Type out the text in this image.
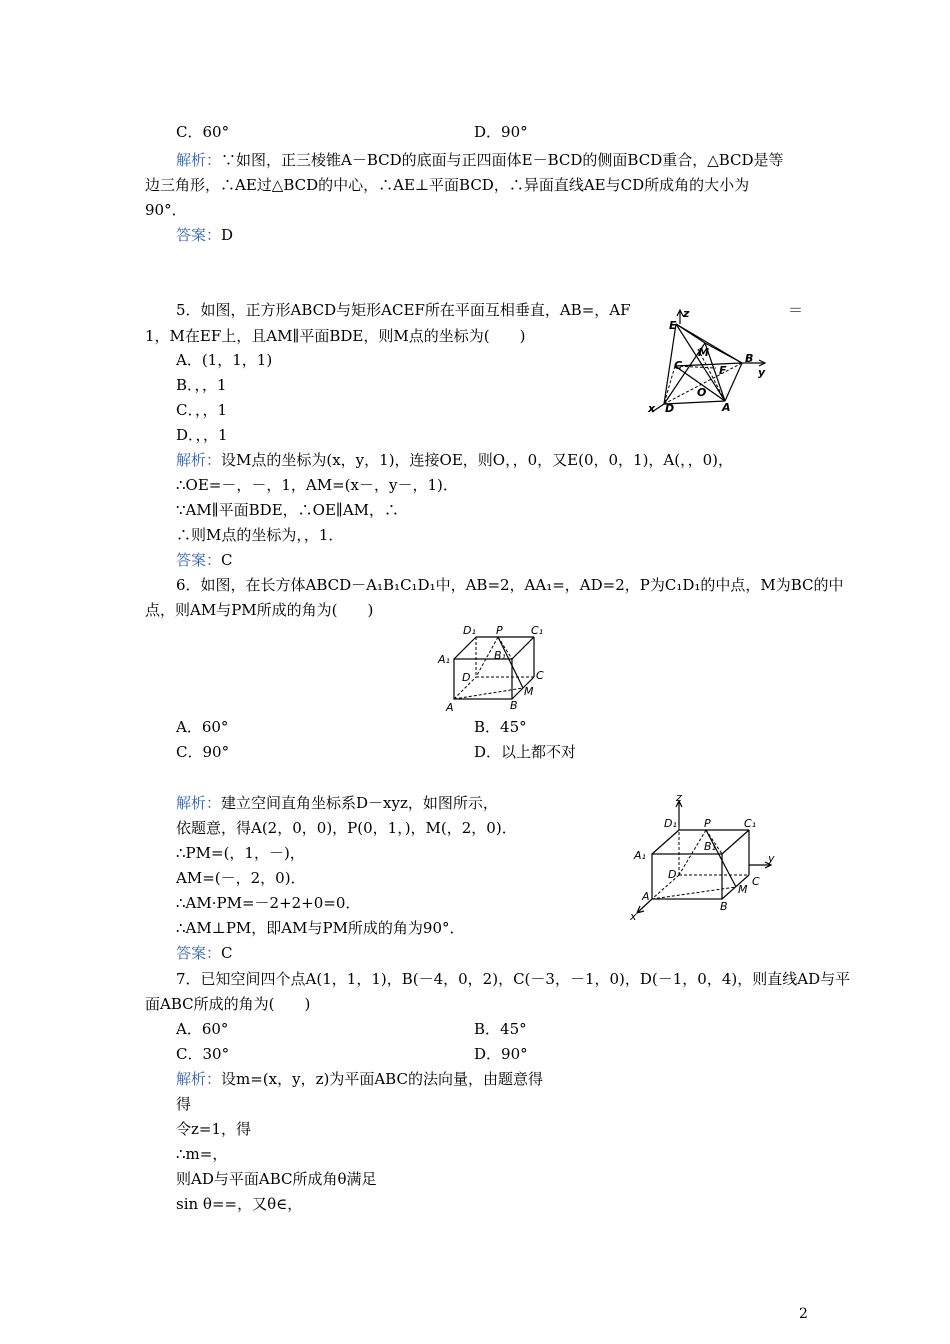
C．60°	D．90°
解析：∵如图，正三棱锥A－BCD的底面与正四面体E－BCD的侧面BCD重合，△BCD是等
边三角形，∴AE过△BCD的中心，∴AE⊥平面BCD，∴异面直线AE与CD所成角的大小为
90°．
答案：D
5．如图，正方形ABCD与矩形ACEF所在平面互相垂直，AB=，AF	＝
1，M在EF上，且AM∥平面BDE，则M点的坐标为(　　)
A．(1，1，1)
B．，，1
C．，，1
D．，，1
解析：设M点的坐标为(x，y，1)，连接OE，则O，，0，又E(0，0，1)，A(，，0)，
∴OE=－，－，1，AM=(x－，y－，1)．
∵AM∥平面BDE，∴OE∥AM，∴
∴则M点的坐标为，，1．
答案：C
z
E
M
C	F
B
y
O
x D	A
6．如图，在长方体ABCD－A₁B₁C₁D₁中，AB=2，AA₁=，AD=2，P为C₁D₁的中点，M为BC的中
点，则AM与PM所成的角为(　　)
D₁ P	C₁
A₁	B₁
D	C
M
A	B
A．60°	B．45°
C．90°	D．以上都不对
解析：建立空间直角坐标系D－xyz，如图所示，
依题意，得A(2，0，0)，P(0，1，)，M(，2，0)．
∴PM=(，1，－)，
AM=(－，2，0)．
∴AM·PM=－2+2+0=0．
∴AM⊥PM，即AM与PM所成的角为90°．
答案：C
z
D₁ P	C₁
A₁
B₁
y
D
C
M
A
B
x
7．已知空间四个点A(1，1，1)，B(－4，0，2)，C(－3，－1，0)，D(－1，0，4)，则直线AD与平
面ABC所成的角为(　　)
A．60°	B．45°
C．30°	D．90°
解析：设m=(x，y，z)为平面ABC的法向量，由题意得
得
令z=1，得
∴m=，
则AD与平面ABC所成角θ满足
sin θ==，又θ∈，
2
